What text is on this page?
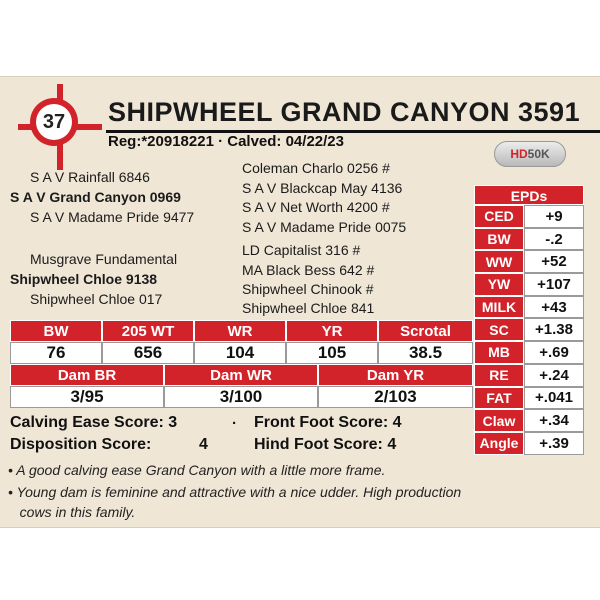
37 SHIPWHEEL GRAND CANYON 3591
Reg:*20918221 · Calved: 04/22/23
HD50K
S A V Rainfall 6846
S A V Grand Canyon 0969
S A V Madame Pride 9477
Musgrave Fundamental
Shipwheel Chloe 9138
Shipwheel Chloe 017
Coleman Charlo 0256 #
S A V Blackcap May 4136
S A V Net Worth 4200 #
S A V Madame Pride 0075
LD Capitalist 316 #
MA Black Bess 642 #
Shipwheel Chinook #
Shipwheel Chloe 841
EPDs
CED	+9
BW	-.2
WW	+52
YW	+107
MILK	+43
SC	+1.38
MB	+.69
RE	+.24
FAT	+.041
Claw	+.34
Angle	+.39
BW	205 WT	WR	YR	Scrotal
76	656	104	105	38.5
Dam BR	Dam WR	Dam YR
3/95	3/100	2/103
Calving Ease Score: 3	· Front Foot Score: 4
Disposition Score:	4	Hind Foot Score: 4
• A good calving ease Grand Canyon with a little more frame.
• Young dam is feminine and attractive with a nice udder. High production
cows in this family.
